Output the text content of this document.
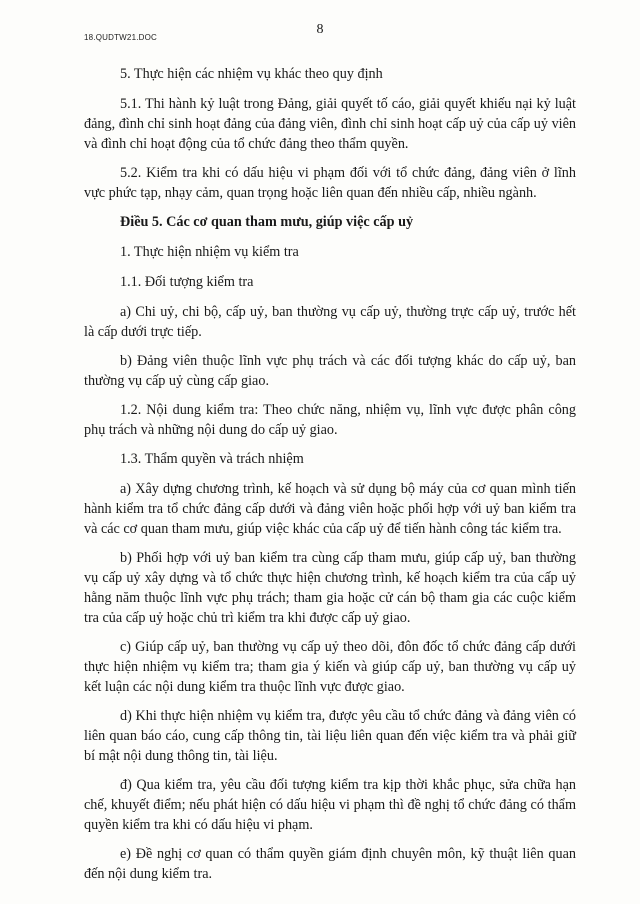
18.QUDTW21.DOC
8

5. Thực hiện các nhiệm vụ khác theo quy định

5.1. Thi hành kỷ luật trong Đảng, giải quyết tố cáo, giải quyết khiếu nại kỷ luật đảng, đình chỉ sinh hoạt đảng của đảng viên, đình chỉ sinh hoạt cấp uỷ của cấp uỷ viên và đình chỉ hoạt động của tổ chức đảng theo thẩm quyền.

5.2. Kiểm tra khi có dấu hiệu vi phạm đối với tổ chức đảng, đảng viên ở lĩnh vực phức tạp, nhạy cảm, quan trọng hoặc liên quan đến nhiều cấp, nhiều ngành.

Điều 5. Các cơ quan tham mưu, giúp việc cấp uỷ

1. Thực hiện nhiệm vụ kiểm tra

1.1. Đối tượng kiểm tra

a) Chi uỷ, chi bộ, cấp uỷ, ban thường vụ cấp uỷ, thường trực cấp uỷ, trước hết là cấp dưới trực tiếp.

b) Đảng viên thuộc lĩnh vực phụ trách và các đối tượng khác do cấp uỷ, ban thường vụ cấp uỷ cùng cấp giao.

1.2. Nội dung kiểm tra: Theo chức năng, nhiệm vụ, lĩnh vực được phân công phụ trách và những nội dung do cấp uỷ giao.

1.3. Thẩm quyền và trách nhiệm

a) Xây dựng chương trình, kế hoạch và sử dụng bộ máy của cơ quan mình tiến hành kiểm tra tổ chức đảng cấp dưới và đảng viên hoặc phối hợp với uỷ ban kiểm tra và các cơ quan tham mưu, giúp việc khác của cấp uỷ để tiến hành công tác kiểm tra.

b) Phối hợp với uỷ ban kiểm tra cùng cấp tham mưu, giúp cấp uỷ, ban thường vụ cấp uỷ xây dựng và tổ chức thực hiện chương trình, kế hoạch kiểm tra của cấp uỷ hằng năm thuộc lĩnh vực phụ trách; tham gia hoặc cử cán bộ tham gia các cuộc kiểm tra của cấp uỷ hoặc chủ trì kiểm tra khi được cấp uỷ giao.

c) Giúp cấp uỷ, ban thường vụ cấp uỷ theo dõi, đôn đốc tổ chức đảng cấp dưới thực hiện nhiệm vụ kiểm tra; tham gia ý kiến và giúp cấp uỷ, ban thường vụ cấp uỷ kết luận các nội dung kiểm tra thuộc lĩnh vực được giao.

d) Khi thực hiện nhiệm vụ kiểm tra, được yêu cầu tổ chức đảng và đảng viên có liên quan báo cáo, cung cấp thông tin, tài liệu liên quan đến việc kiểm tra và phải giữ bí mật nội dung thông tin, tài liệu.

đ) Qua kiểm tra, yêu cầu đối tượng kiểm tra kịp thời khắc phục, sửa chữa hạn chế, khuyết điểm; nếu phát hiện có dấu hiệu vi phạm thì đề nghị tổ chức đảng có thẩm quyền kiểm tra khi có dấu hiệu vi phạm.

e) Đề nghị cơ quan có thẩm quyền giám định chuyên môn, kỹ thuật liên quan đến nội dung kiểm tra.
